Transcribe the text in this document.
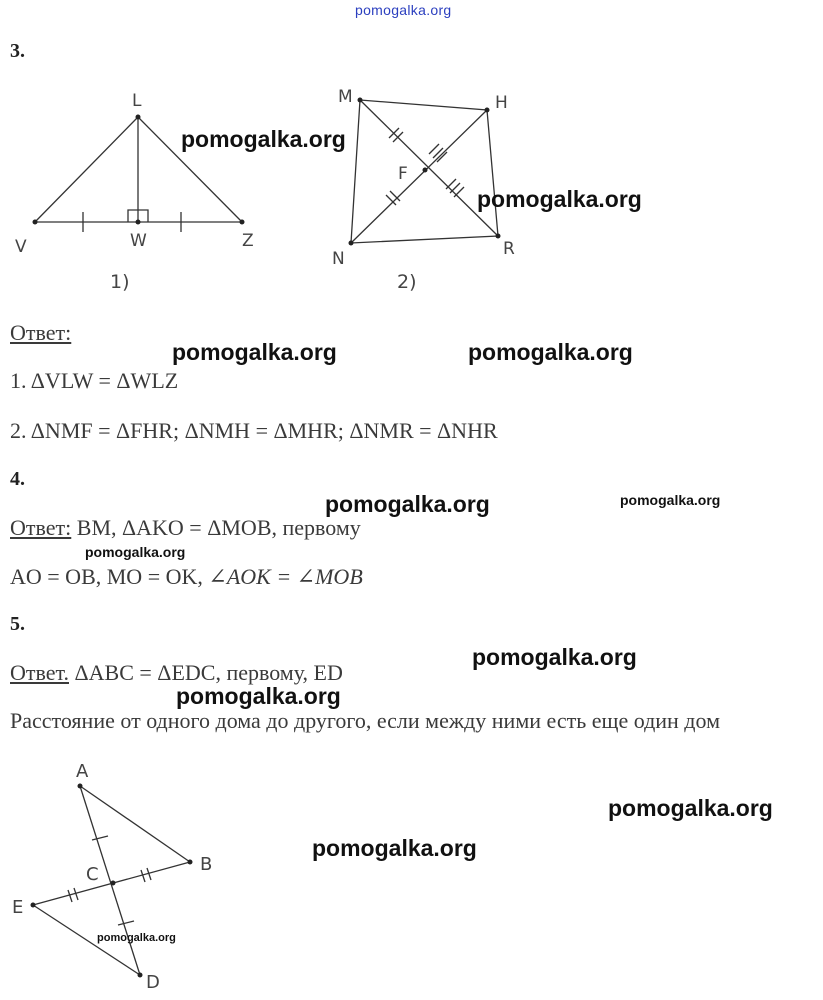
pomogalka.org
3.
L
V	W	Z
1)
M	H
F
N	R
2)
Ответ:
1. ΔVLW = ΔWLZ
2. ΔNMF = ΔFHR; ΔNMH = ΔMHR; ΔNMR = ΔNHR
4.
Ответ: BM, ΔAKO = ΔMOB, первому
AO = OB, MO = OK, ∠AOK = ∠MOB
5.
Ответ. ΔABC = ΔEDC, первому, ED
Расстояние от одного дома до другого, если между ними есть еще один дом
A
B
C
E
D
pomogalka.org
pomogalka.org
pomogalka.org	pomogalka.org
pomogalka.org	pomogalka.org
pomogalka.org
pomogalka.org
pomogalka.org
pomogalka.org
pomogalka.org
pomogalka.org
